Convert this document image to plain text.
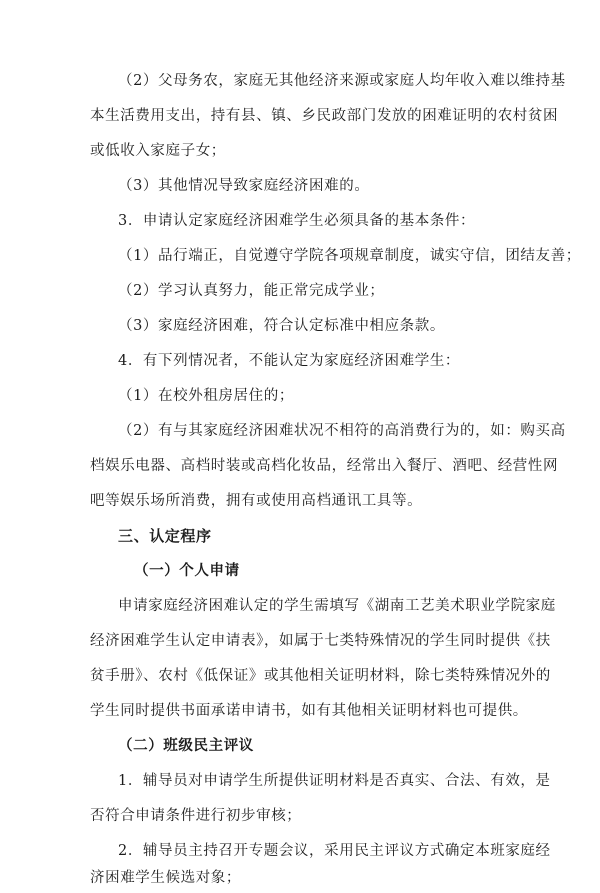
（2）父母务农，家庭无其他经济来源或家庭人均年收入难以维持基
本生活费用支出，持有县、镇、乡民政部门发放的困难证明的农村贫困
或低收入家庭子女；
（3）其他情况导致家庭经济困难的。
3．申请认定家庭经济困难学生必须具备的基本条件：
（1）品行端正，自觉遵守学院各项规章制度，诚实守信，团结友善；
（2）学习认真努力，能正常完成学业；
（3）家庭经济困难，符合认定标准中相应条款。
4．有下列情况者，不能认定为家庭经济困难学生：
（1）在校外租房居住的；
（2）有与其家庭经济困难状况不相符的高消费行为的，如：购买高
档娱乐电器、高档时装或高档化妆品，经常出入餐厅、酒吧、经营性网
吧等娱乐场所消费，拥有或使用高档通讯工具等。
三、认定程序
（一）个人申请
申请家庭经济困难认定的学生需填写《湖南工艺美术职业学院家庭
经济困难学生认定申请表》，如属于七类特殊情况的学生同时提供《扶
贫手册》、农村《低保证》或其他相关证明材料，除七类特殊情况外的
学生同时提供书面承诺申请书，如有其他相关证明材料也可提供。
（二）班级民主评议
1．辅导员对申请学生所提供证明材料是否真实、合法、有效，是
否符合申请条件进行初步审核；
2．辅导员主持召开专题会议，采用民主评议方式确定本班家庭经
济困难学生候选对象；
